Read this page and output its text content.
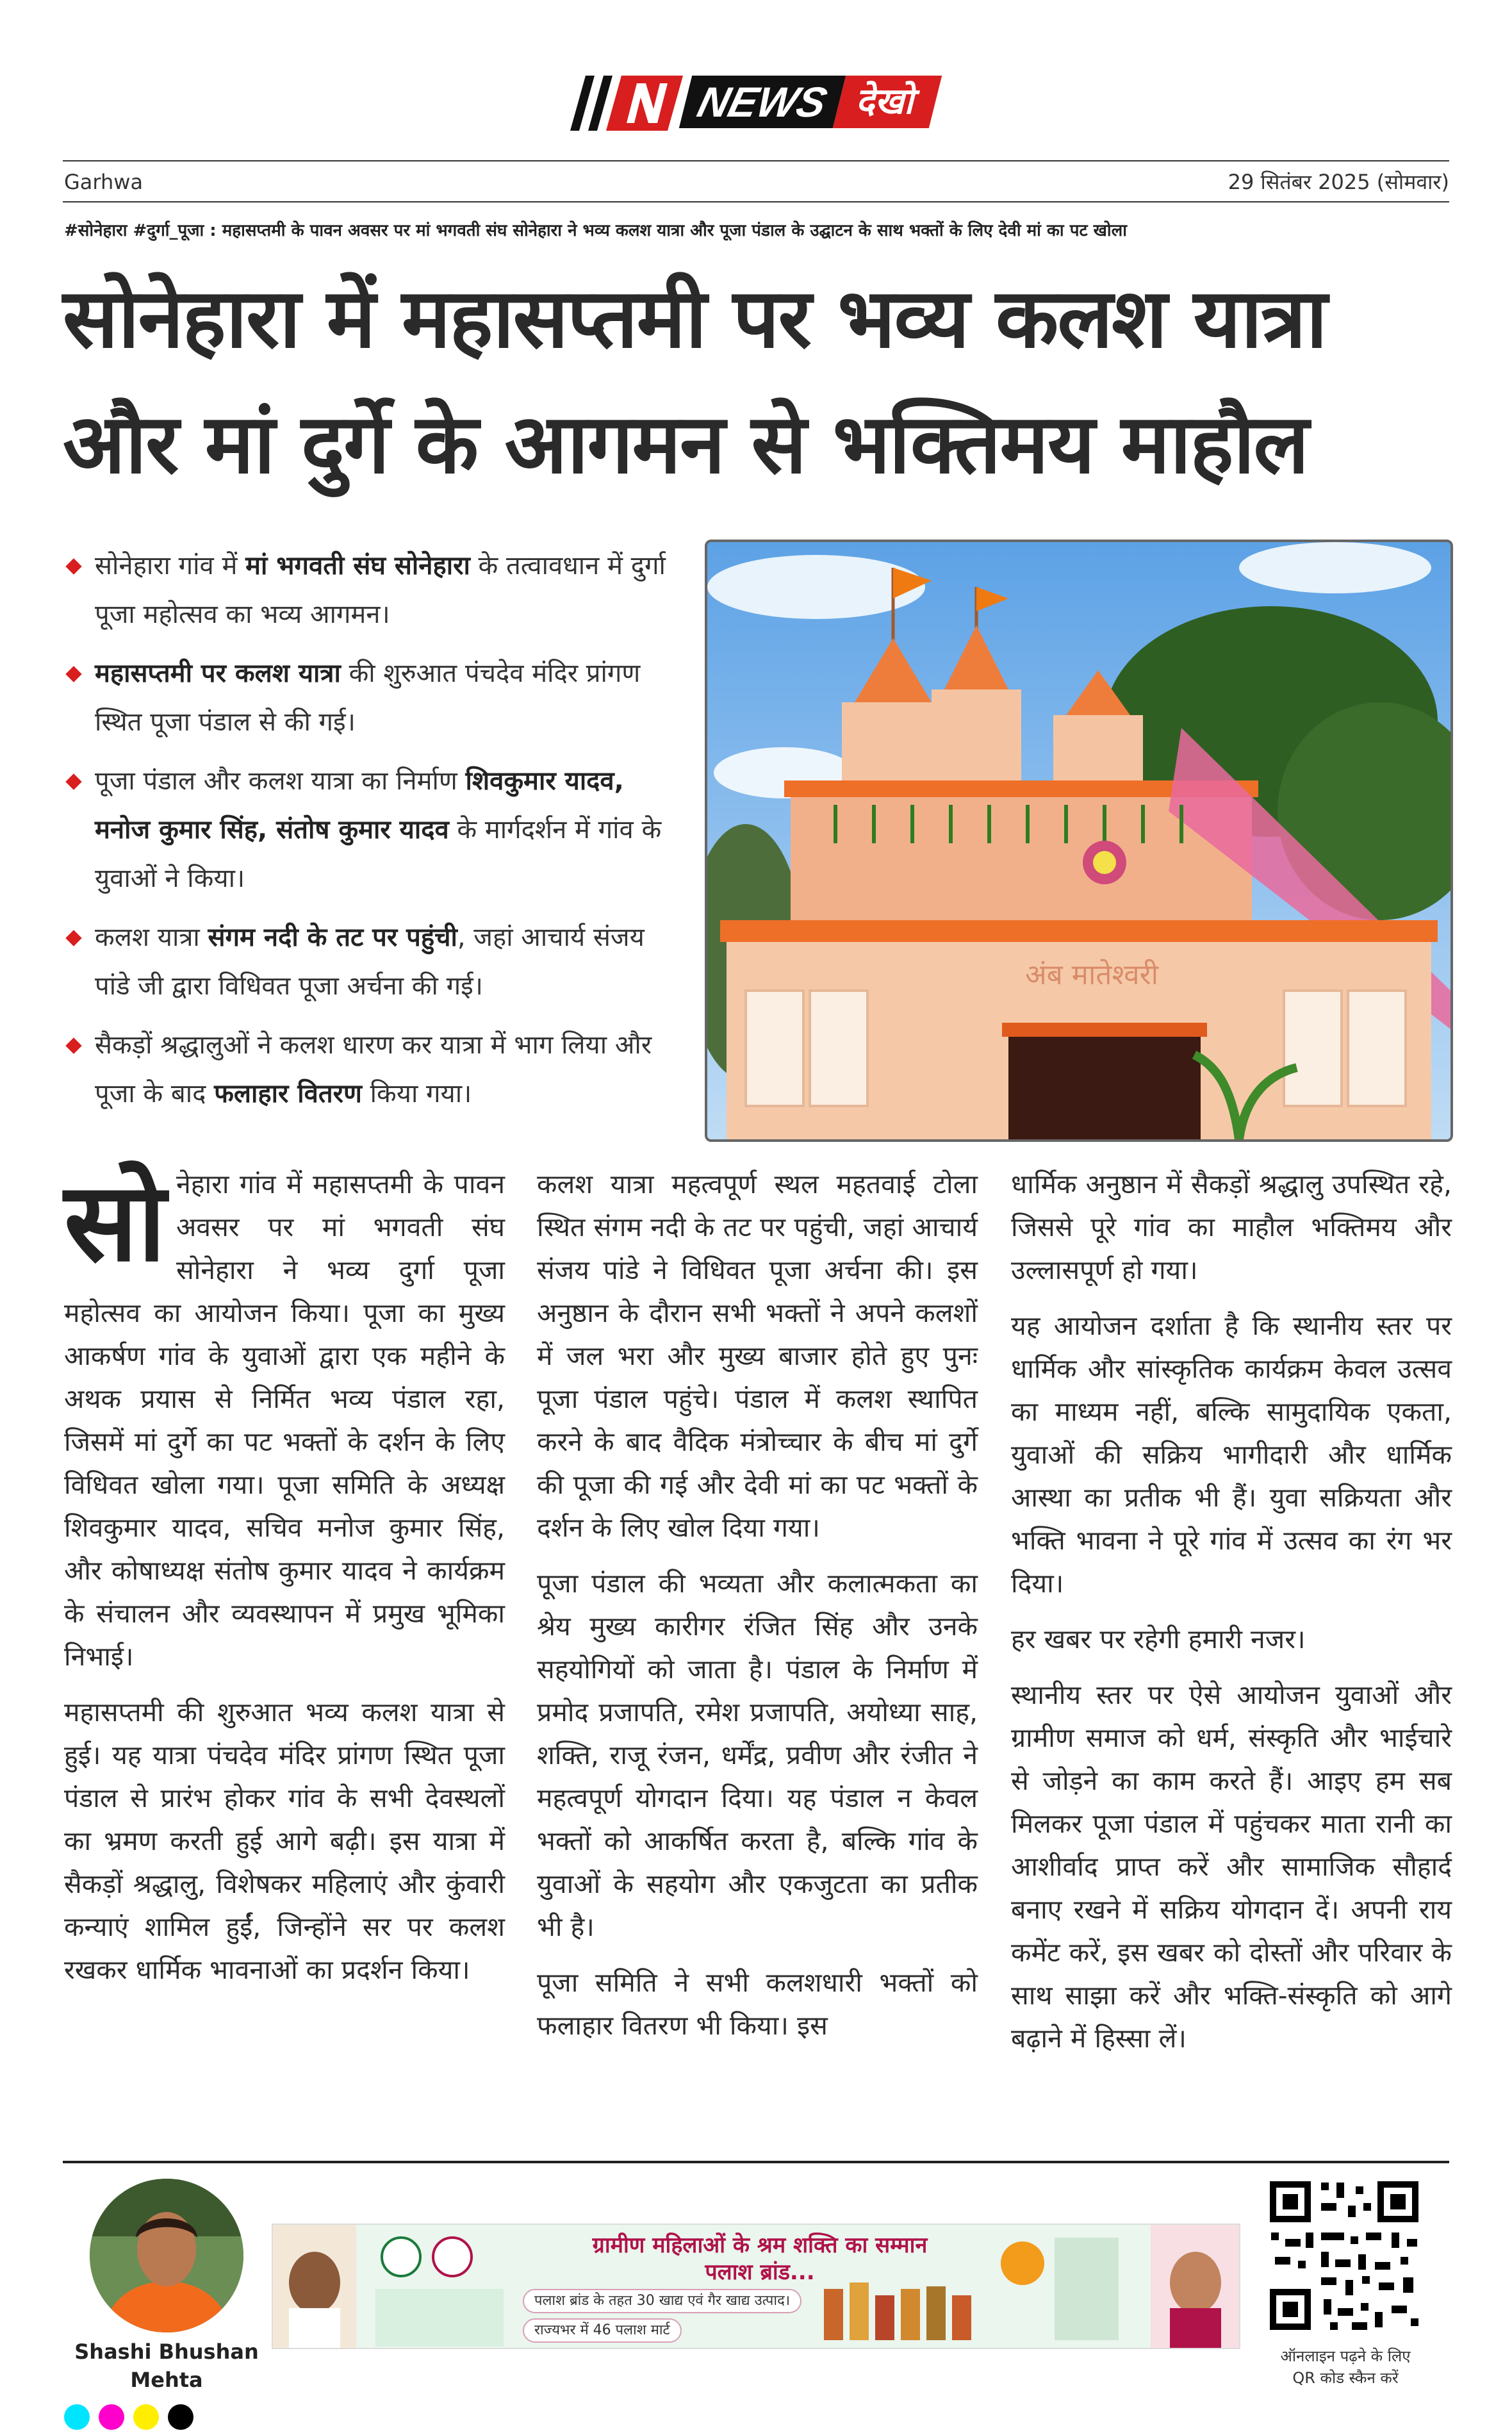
NEWS देखो
Garhwa	29 सितंबर 2025 (सोमवार)
#सोनेहारा #दुर्गा_पूजा : महासप्तमी के पावन अवसर पर मां भगवती संघ सोनेहारा ने भव्य कलश यात्रा और पूजा पंडाल के उद्घाटन के साथ भक्तों के लिए देवी मां का पट खोला
सोनेहारा में महासप्तमी पर भव्य कलश यात्रा
और मां दुर्गे के आगमन से भक्तिमय माहौल
सोनेहारा गांव में मां भगवती संघ सोनेहारा के तत्वावधान में दुर्गा पूजा महोत्सव का भव्य आगमन।
महासप्तमी पर कलश यात्रा की शुरुआत पंचदेव मंदिर प्रांगण स्थित पूजा पंडाल से की गई।
पूजा पंडाल और कलश यात्रा का निर्माण शिवकुमार यादव, मनोज कुमार सिंह, संतोष कुमार यादव के मार्गदर्शन में गांव के युवाओं ने किया।
कलश यात्रा संगम नदी के तट पर पहुंची, जहां आचार्य संजय पांडे जी द्वारा विधिवत पूजा अर्चना की गई।
सैकड़ों श्रद्धालुओं ने कलश धारण कर यात्रा में भाग लिया और पूजा के बाद फलाहार वितरण किया गया।
अंब मातेश्वरी

सोनेहारा गांव में महासप्तमी के पावन अवसर पर मां भगवती संघ सोनेहारा ने भव्य दुर्गा पूजा महोत्सव का आयोजन किया। पूजा का मुख्य आकर्षण गांव के युवाओं द्वारा एक महीने के अथक प्रयास से निर्मित भव्य पंडाल रहा, जिसमें मां दुर्गे का पट भक्तों के दर्शन के लिए विधिवत खोला गया। पूजा समिति के अध्यक्ष शिवकुमार यादव, सचिव मनोज कुमार सिंह, और कोषाध्यक्ष संतोष कुमार यादव ने कार्यक्रम के संचालन और व्यवस्थापन में प्रमुख भूमिका निभाई।

महासप्तमी की शुरुआत भव्य कलश यात्रा से हुई। यह यात्रा पंचदेव मंदिर प्रांगण स्थित पूजा पंडाल से प्रारंभ होकर गांव के सभी देवस्थलों का भ्रमण करती हुई आगे बढ़ी। इस यात्रा में सैकड़ों श्रद्धालु, विशेषकर महिलाएं और कुंवारी कन्याएं शामिल हुईं, जिन्होंने सर पर कलश रखकर धार्मिक भावनाओं का प्रदर्शन किया।

कलश यात्रा महत्वपूर्ण स्थल महतवाई टोला स्थित संगम नदी के तट पर पहुंची, जहां आचार्य संजय पांडे ने विधिवत पूजा अर्चना की। इस अनुष्ठान के दौरान सभी भक्तों ने अपने कलशों में जल भरा और मुख्य बाजार होते हुए पुनः पूजा पंडाल पहुंचे। पंडाल में कलश स्थापित करने के बाद वैदिक मंत्रोच्चार के बीच मां दुर्गे की पूजा की गई और देवी मां का पट भक्तों के दर्शन के लिए खोल दिया गया।

पूजा पंडाल की भव्यता और कलात्मकता का श्रेय मुख्य कारीगर रंजित सिंह और उनके सहयोगियों को जाता है। पंडाल के निर्माण में प्रमोद प्रजापति, रमेश प्रजापति, अयोध्या साह, शक्ति, राजू रंजन, धर्मेंद्र, प्रवीण और रंजीत ने महत्वपूर्ण योगदान दिया। यह पंडाल न केवल भक्तों को आकर्षित करता है, बल्कि गांव के युवाओं के सहयोग और एकजुटता का प्रतीक भी है।

पूजा समिति ने सभी कलशधारी भक्तों को फलाहार वितरण भी किया। इस

धार्मिक अनुष्ठान में सैकड़ों श्रद्धालु उपस्थित रहे, जिससे पूरे गांव का माहौल भक्तिमय और उल्लासपूर्ण हो गया।

यह आयोजन दर्शाता है कि स्थानीय स्तर पर धार्मिक और सांस्कृतिक कार्यक्रम केवल उत्सव का माध्यम नहीं, बल्कि सामुदायिक एकता, युवाओं की सक्रिय भागीदारी और धार्मिक आस्था का प्रतीक भी हैं। युवा सक्रियता और भक्ति भावना ने पूरे गांव में उत्सव का रंग भर दिया।

हर खबर पर रहेगी हमारी नजर।

स्थानीय स्तर पर ऐसे आयोजन युवाओं और ग्रामीण समाज को धर्म, संस्कृति और भाईचारे से जोड़ने का काम करते हैं। आइए हम सब मिलकर पूजा पंडाल में पहुंचकर माता रानी का आशीर्वाद प्राप्त करें और सामाजिक सौहार्द बनाए रखने में सक्रिय योगदान दें। अपनी राय कमेंट करें, इस खबर को दोस्तों और परिवार के साथ साझा करें और भक्ति-संस्कृति को आगे बढ़ाने में हिस्सा लें।

Shashi Bhushan
Mehta
ग्रामीण महिलाओं के श्रम शक्ति का सम्मान
पलाश ब्रांड...
पलाश ब्रांड के तहत 30 खाद्य एवं गैर खाद्य उत्पाद।
राज्यभर में 46 पलाश मार्ट
ऑनलाइन पढ़ने के लिए
QR कोड स्कैन करें
